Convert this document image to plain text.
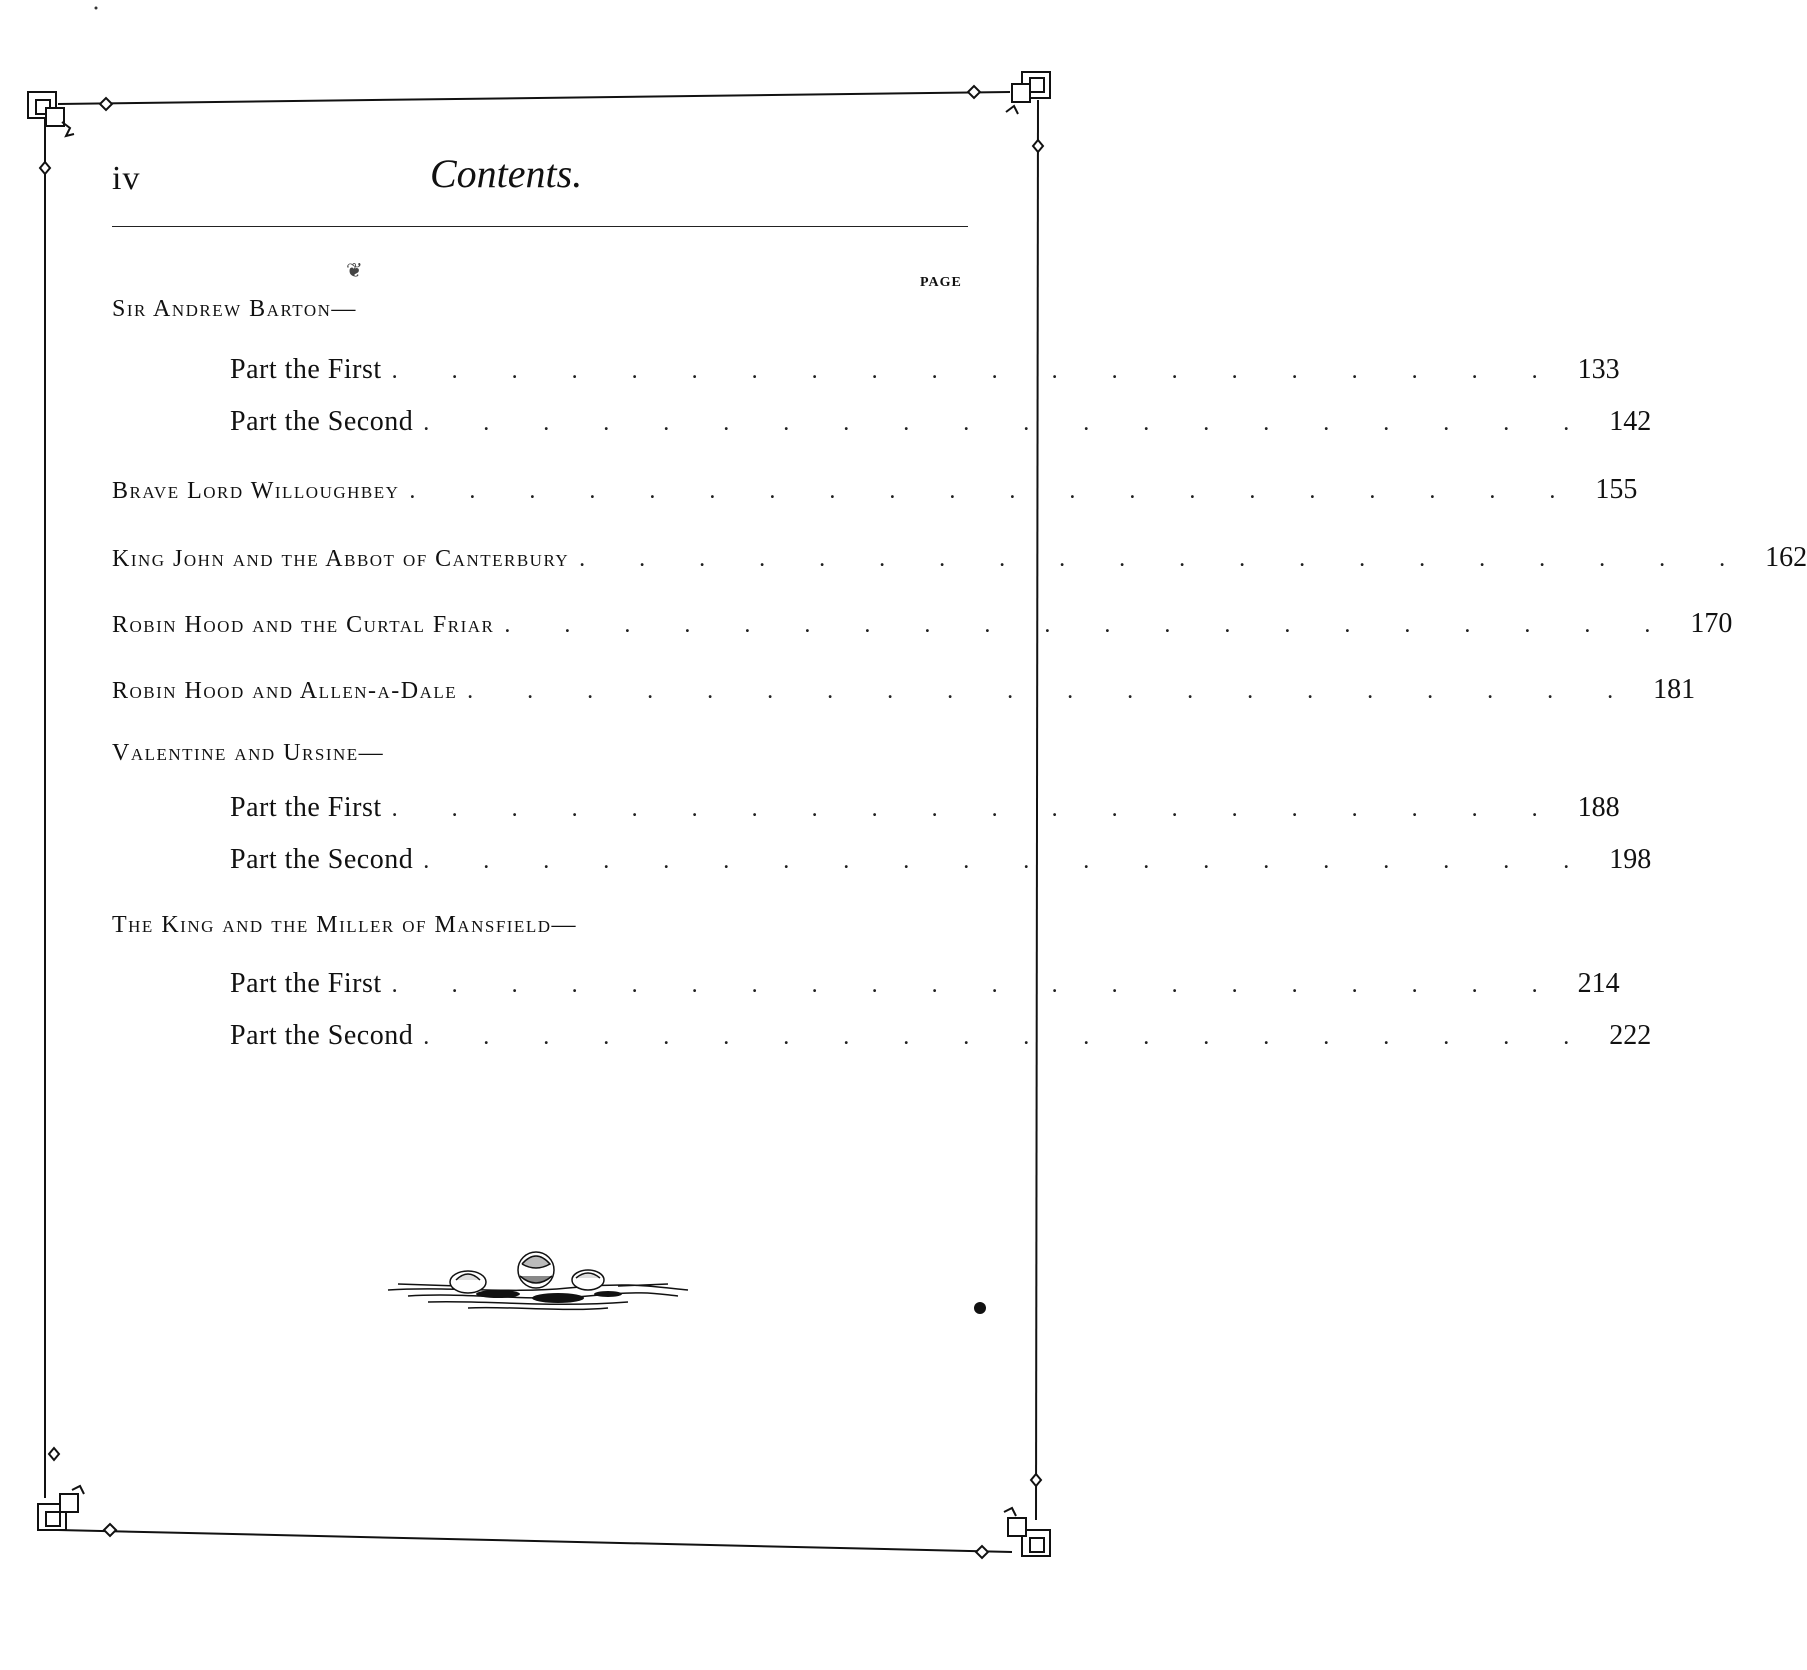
iv	Contents.
❦
PAGE
Sir Andrew Barton—
Part the First . . . . . . . . . . . . . . . . . . . . 133
Part the Second . . . . . . . . . . . . . . . . . . . . 142
Brave Lord Willoughbey . . . . . . . . . . . . . . . . . . . . 155
King John and the Abbot of Canterbury . . . . . . . . . . . . . . . . . . . . 162
Robin Hood and the Curtal Friar . . . . . . . . . . . . . . . . . . . . 170
Robin Hood and Allen-a-Dale . . . . . . . . . . . . . . . . . . . . 181
Valentine and Ursine—
Part the First . . . . . . . . . . . . . . . . . . . . 188
Part the Second . . . . . . . . . . . . . . . . . . . . 198
The King and the Miller of Mansfield—
Part the First . . . . . . . . . . . . . . . . . . . . 214
Part the Second . . . . . . . . . . . . . . . . . . . . 222
